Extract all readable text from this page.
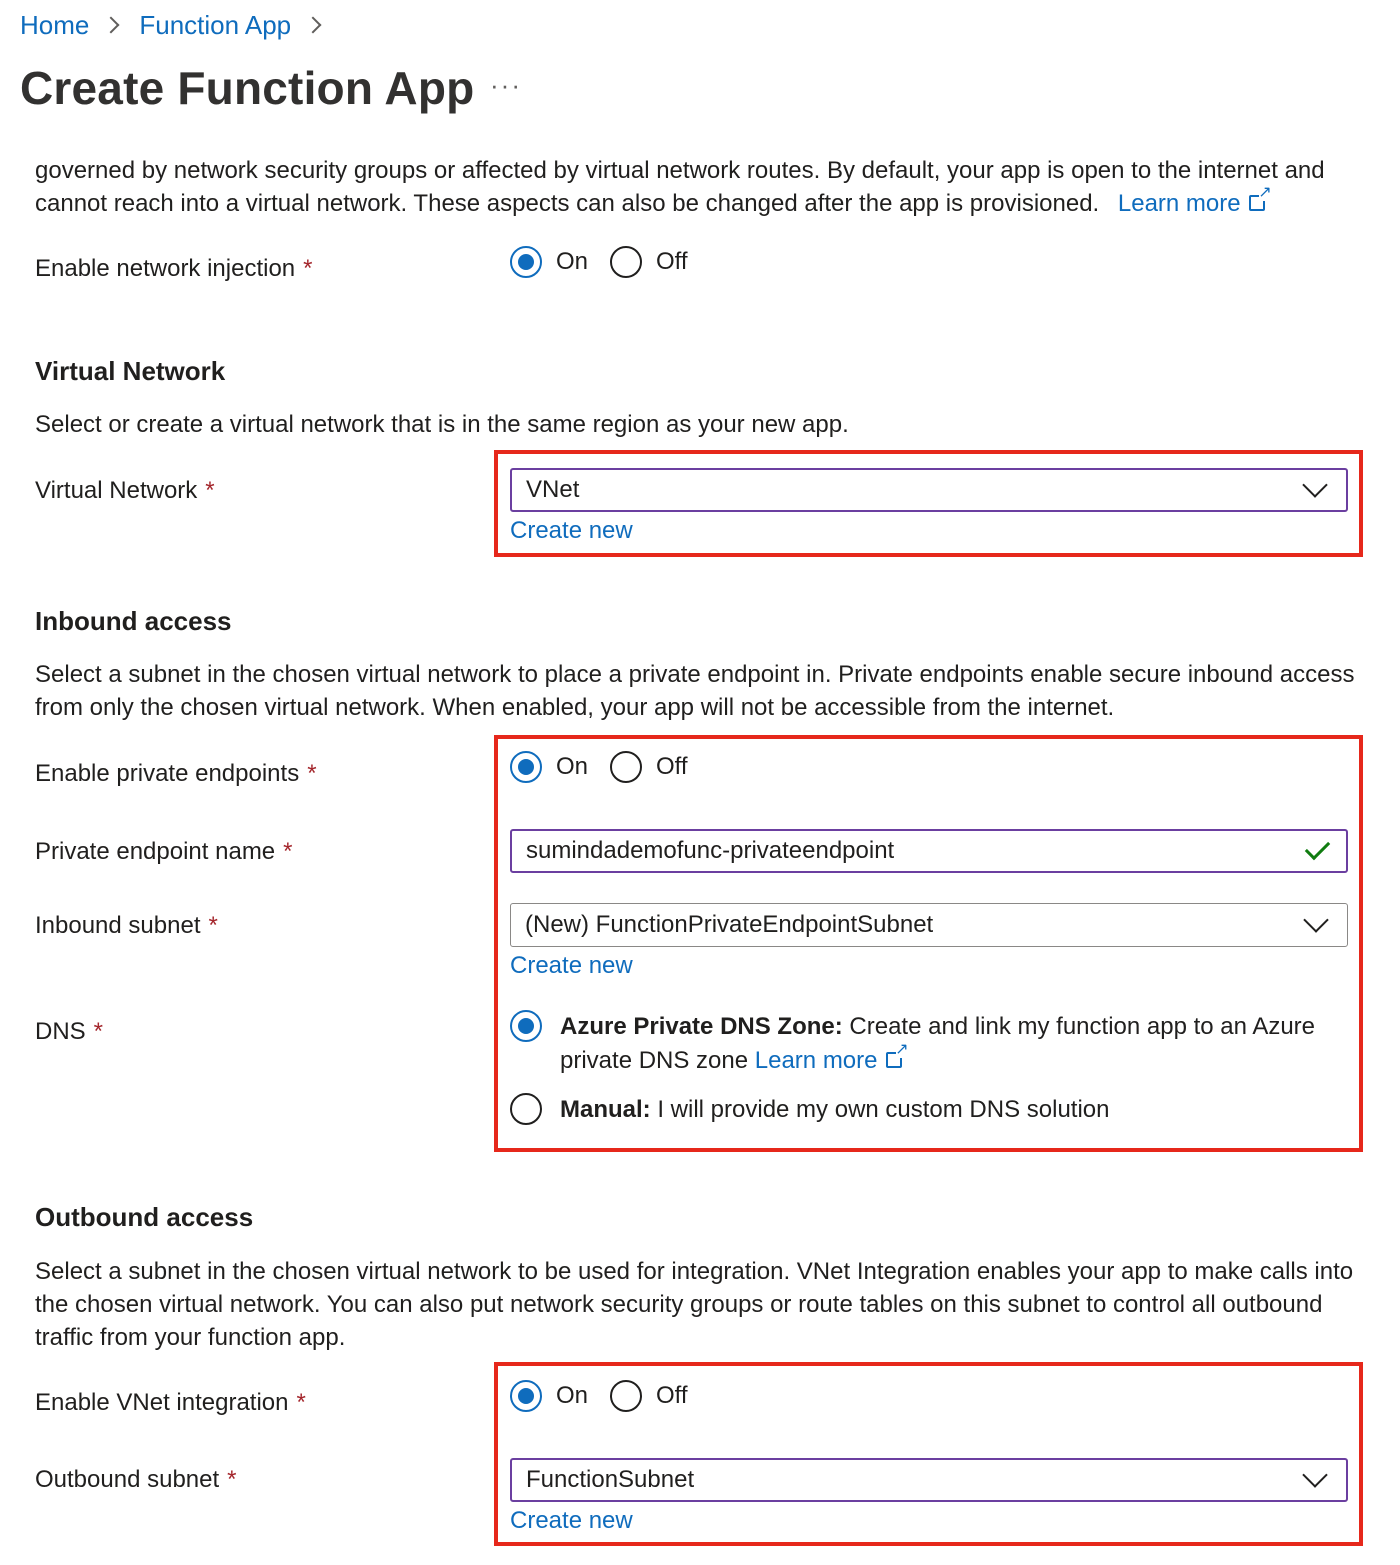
Home Function App
Create Function App ···
governed by network security groups or affected by virtual network routes. By default, your app is open to the internet and cannot reach into a virtual network. These aspects can also be changed after the app is provisioned. Learn more↗
Enable network injection *	On	Off
Virtual Network
Select or create a virtual network that is in the same region as your new app.
Virtual Network *	VNet
Create new
Inbound access
Select a subnet in the chosen virtual network to place a private endpoint in. Private endpoints enable secure inbound access from only the chosen virtual network. When enabled, your app will not be accessible from the internet.
Enable private endpoints *	On	Off
Private endpoint name *	sumindademofunc-privateendpoint
Inbound subnet *	(New) FunctionPrivateEndpointSubnet
Create new
DNS *	Azure Private DNS Zone: Create and link my function app to an Azure private DNS zone Learn more↗
Manual: I will provide my own custom DNS solution
Outbound access
Select a subnet in the chosen virtual network to be used for integration. VNet Integration enables your app to make calls into the chosen virtual network. You can also put network security groups or route tables on this subnet to control all outbound traffic from your function app.
Enable VNet integration *	On	Off
Outbound subnet *	FunctionSubnet
Create new
